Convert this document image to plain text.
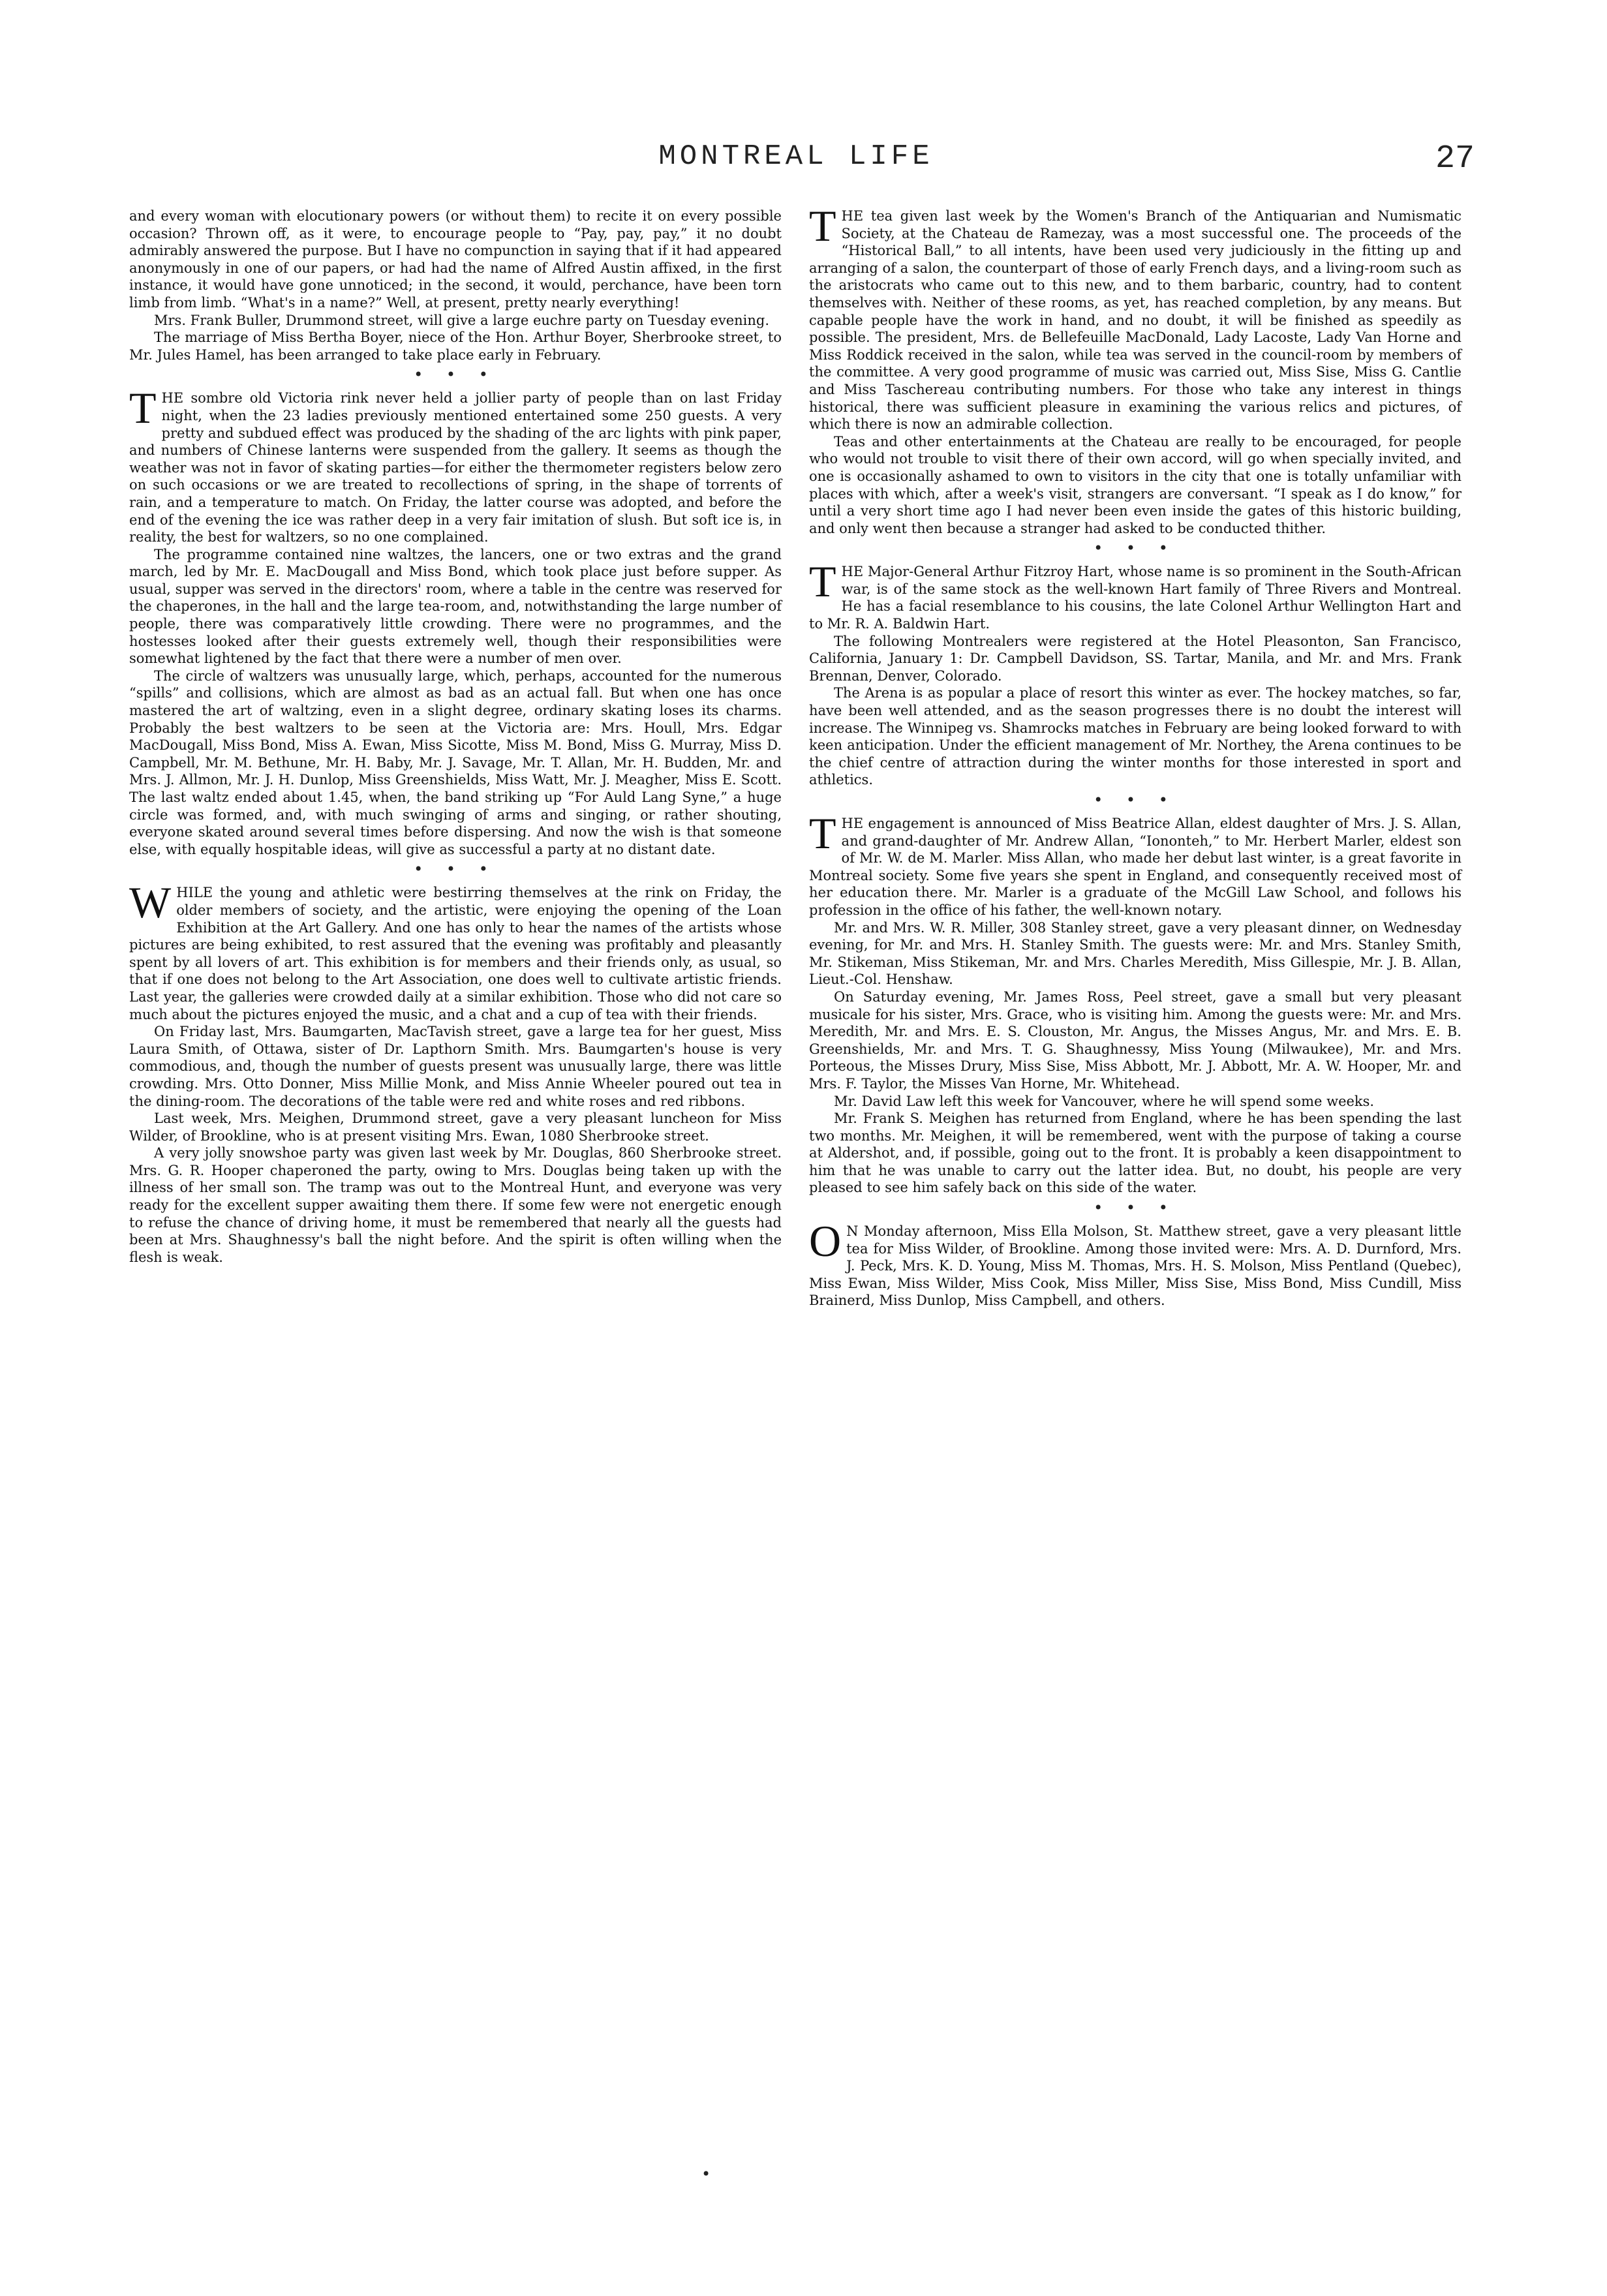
MONTREAL LIFE	27

and every woman with elocutionary powers (or without them) to recite it on every possible occasion? Thrown off, as it were, to encourage people to “Pay, pay, pay,” it no doubt admirably answered the purpose. But I have no compunction in saying that if it had appeared anonymously in one of our papers, or had had the name of Alfred Austin affixed, in the first instance, it would have gone unnoticed; in the second, it would, perchance, have been torn limb from limb. “What's in a name?” Well, at present, pretty nearly everything!

Mrs. Frank Buller, Drummond street, will give a large euchre party on Tuesday evening.

The marriage of Miss Bertha Boyer, niece of the Hon. Arthur Boyer, Sherbrooke street, to Mr. Jules Hamel, has been arranged to take place early in February.

• • •

THE sombre old Victoria rink never held a jollier party of people than on last Friday night, when the 23 ladies previously mentioned entertained some 250 guests. A very pretty and subdued effect was produced by the shading of the arc lights with pink paper, and numbers of Chinese lanterns were suspended from the gallery. It seems as though the weather was not in favor of skating parties—for either the thermometer registers below zero on such occasions or we are treated to recollections of spring, in the shape of torrents of rain, and a temperature to match. On Friday, the latter course was adopted, and before the end of the evening the ice was rather deep in a very fair imitation of slush. But soft ice is, in reality, the best for waltzers, so no one complained.

The programme contained nine waltzes, the lancers, one or two extras and the grand march, led by Mr. E. MacDougall and Miss Bond, which took place just before supper. As usual, supper was served in the directors' room, where a table in the centre was reserved for the chaperones, in the hall and the large tea-room, and, notwithstanding the large number of people, there was comparatively little crowding. There were no programmes, and the hostesses looked after their guests extremely well, though their responsibilities were somewhat lightened by the fact that there were a number of men over.

The circle of waltzers was unusually large, which, perhaps, accounted for the numerous “spills” and collisions, which are almost as bad as an actual fall. But when one has once mastered the art of waltzing, even in a slight degree, ordinary skating loses its charms. Probably the best waltzers to be seen at the Victoria are: Mrs. Houll, Mrs. Edgar MacDougall, Miss Bond, Miss A. Ewan, Miss Sicotte, Miss M. Bond, Miss G. Murray, Miss D. Campbell, Mr. M. Bethune, Mr. H. Baby, Mr. J. Savage, Mr. T. Allan, Mr. H. Budden, Mr. and Mrs. J. Allmon, Mr. J. H. Dunlop, Miss Greenshields, Miss Watt, Mr. J. Meagher, Miss E. Scott. The last waltz ended about 1.45, when, the band striking up “For Auld Lang Syne,” a huge circle was formed, and, with much swinging of arms and singing, or rather shouting, everyone skated around several times before dispersing. And now the wish is that someone else, with equally hospitable ideas, will give as successful a party at no distant date.

• • •

WHILE the young and athletic were bestirring themselves at the rink on Friday, the older members of society, and the artistic, were enjoying the opening of the Loan Exhibition at the Art Gallery. And one has only to hear the names of the artists whose pictures are being exhibited, to rest assured that the evening was profitably and pleasantly spent by all lovers of art. This exhibition is for members and their friends only, as usual, so that if one does not belong to the Art Association, one does well to cultivate artistic friends. Last year, the galleries were crowded daily at a similar exhibition. Those who did not care so much about the pictures enjoyed the music, and a chat and a cup of tea with their friends.

On Friday last, Mrs. Baumgarten, MacTavish street, gave a large tea for her guest, Miss Laura Smith, of Ottawa, sister of Dr. Lapthorn Smith. Mrs. Baumgarten's house is very commodious, and, though the number of guests present was unusually large, there was little crowding. Mrs. Otto Donner, Miss Millie Monk, and Miss Annie Wheeler poured out tea in the dining-room. The decorations of the table were red and white roses and red ribbons.

Last week, Mrs. Meighen, Drummond street, gave a very pleasant luncheon for Miss Wilder, of Brookline, who is at present visiting Mrs. Ewan, 1080 Sherbrooke street.

A very jolly snowshoe party was given last week by Mr. Douglas, 860 Sherbrooke street. Mrs. G. R. Hooper chaperoned the party, owing to Mrs. Douglas being taken up with the illness of her small son. The tramp was out to the Montreal Hunt, and everyone was very ready for the excellent supper awaiting them there. If some few were not energetic enough to refuse the chance of driving home, it must be remembered that nearly all the guests had been at Mrs. Shaughnessy's ball the night before. And the spirit is often willing when the flesh is weak.

THE tea given last week by the Women's Branch of the Antiquarian and Numismatic Society, at the Chateau de Ramezay, was a most successful one. The proceeds of the “Historical Ball,” to all intents, have been used very judiciously in the fitting up and arranging of a salon, the counterpart of those of early French days, and a living-room such as the aristocrats who came out to this new, and to them barbaric, country, had to content themselves with. Neither of these rooms, as yet, has reached completion, by any means. But capable people have the work in hand, and no doubt, it will be finished as speedily as possible. The president, Mrs. de Bellefeuille MacDonald, Lady Lacoste, Lady Van Horne and Miss Roddick received in the salon, while tea was served in the council-room by members of the committee. A very good programme of music was carried out, Miss Sise, Miss G. Cantlie and Miss Taschereau contributing numbers. For those who take any interest in things historical, there was sufficient pleasure in examining the various relics and pictures, of which there is now an admirable collection.

Teas and other entertainments at the Chateau are really to be encouraged, for people who would not trouble to visit there of their own accord, will go when specially invited, and one is occasionally ashamed to own to visitors in the city that one is totally unfamiliar with places with which, after a week's visit, strangers are conversant. “I speak as I do know,” for until a very short time ago I had never been even inside the gates of this historic building, and only went then because a stranger had asked to be conducted thither.

• • •

THE Major-General Arthur Fitzroy Hart, whose name is so prominent in the South-African war, is of the same stock as the well-known Hart family of Three Rivers and Montreal. He has a facial resemblance to his cousins, the late Colonel Arthur Wellington Hart and to Mr. R. A. Baldwin Hart.

The following Montrealers were registered at the Hotel Pleasonton, San Francisco, California, January 1: Dr. Campbell Davidson, SS. Tartar, Manila, and Mr. and Mrs. Frank Brennan, Denver, Colorado.

The Arena is as popular a place of resort this winter as ever. The hockey matches, so far, have been well attended, and as the season progresses there is no doubt the interest will increase. The Winnipeg vs. Shamrocks matches in February are being looked forward to with keen anticipation. Under the efficient management of Mr. Northey, the Arena continues to be the chief centre of attraction during the winter months for those interested in sport and athletics.

• • •

THE engagement is announced of Miss Beatrice Allan, eldest daughter of Mrs. J. S. Allan, and grand-daughter of Mr. Andrew Allan, “Iononteh,” to Mr. Herbert Marler, eldest son of Mr. W. de M. Marler. Miss Allan, who made her debut last winter, is a great favorite in Montreal society. Some five years she spent in England, and consequently received most of her education there. Mr. Marler is a graduate of the McGill Law School, and follows his profession in the office of his father, the well-known notary.

Mr. and Mrs. W. R. Miller, 308 Stanley street, gave a very pleasant dinner, on Wednesday evening, for Mr. and Mrs. H. Stanley Smith. The guests were: Mr. and Mrs. Stanley Smith, Mr. Stikeman, Miss Stikeman, Mr. and Mrs. Charles Meredith, Miss Gillespie, Mr. J. B. Allan, Lieut.-Col. Henshaw.

On Saturday evening, Mr. James Ross, Peel street, gave a small but very pleasant musicale for his sister, Mrs. Grace, who is visiting him. Among the guests were: Mr. and Mrs. Meredith, Mr. and Mrs. E. S. Clouston, Mr. Angus, the Misses Angus, Mr. and Mrs. E. B. Greenshields, Mr. and Mrs. T. G. Shaughnessy, Miss Young (Milwaukee), Mr. and Mrs. Porteous, the Misses Drury, Miss Sise, Miss Abbott, Mr. J. Abbott, Mr. A. W. Hooper, Mr. and Mrs. F. Taylor, the Misses Van Horne, Mr. Whitehead.

Mr. David Law left this week for Vancouver, where he will spend some weeks.

Mr. Frank S. Meighen has returned from England, where he has been spending the last two months. Mr. Meighen, it will be remembered, went with the purpose of taking a course at Aldershot, and, if possible, going out to the front. It is probably a keen disappointment to him that he was unable to carry out the latter idea. But, no doubt, his people are very pleased to see him safely back on this side of the water.

• • •

O N Monday afternoon, Miss Ella Molson, St. Matthew street, gave a very pleasant little tea for Miss Wilder, of Brookline. Among those invited were: Mrs. A. D. Durnford, Mrs. J. Peck, Mrs. K. D. Young, Miss M. Thomas, Mrs. H. S. Molson, Miss Pentland (Quebec), Miss Ewan, Miss Wilder, Miss Cook, Miss Miller, Miss Sise, Miss Bond, Miss Cundill, Miss Brainerd, Miss Dunlop, Miss Campbell, and others.

•
